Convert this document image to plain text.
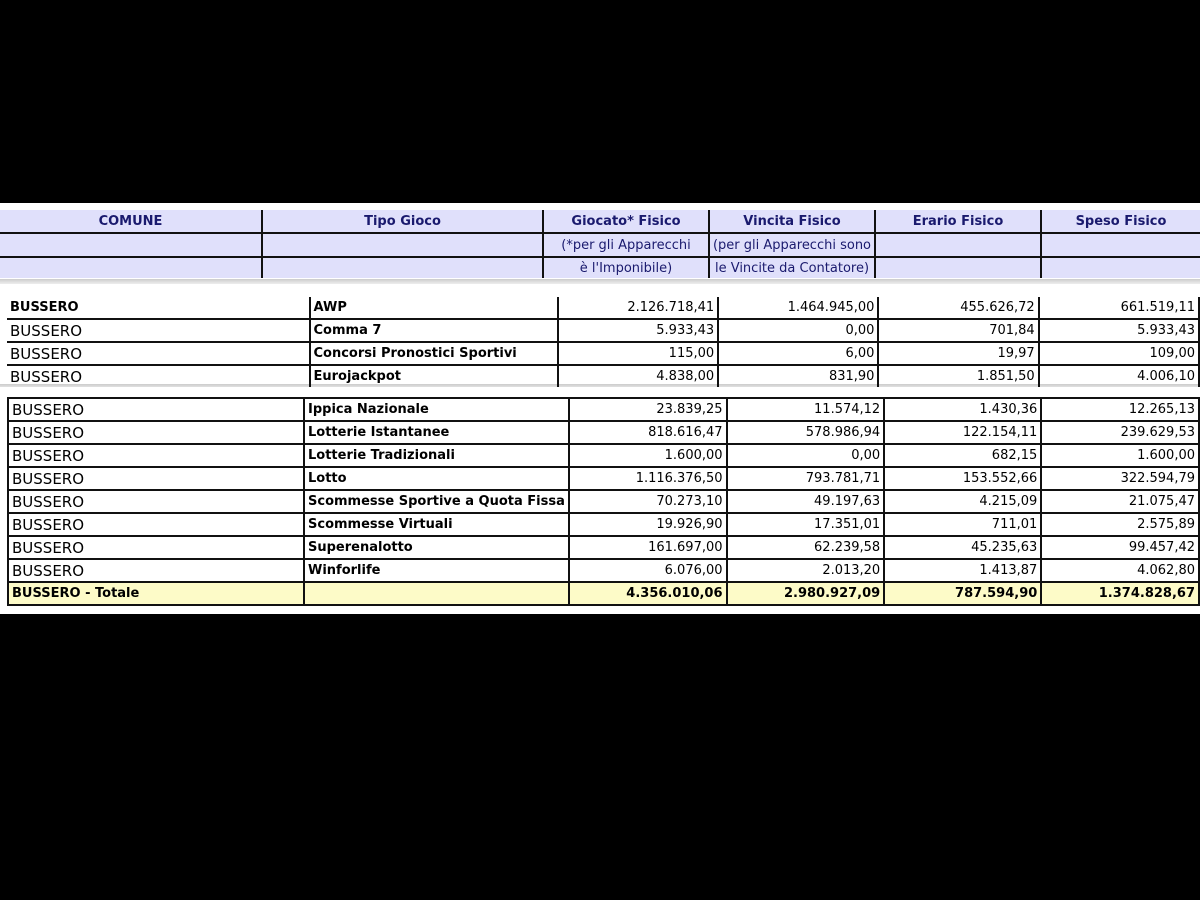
COMUNE	Tipo Gioco	Giocato* Fisico	Vincita Fisico	Erario Fisico	Speso Fisico
		(*per gli Apparecchi	(per gli Apparecchi sono		
		è l'Imponibile)	le Vincite da Contatore)		
BUSSERO	AWP	2.126.718,41	1.464.945,00	455.626,72	661.519,11
BUSSERO	Comma 7	5.933,43	0,00	701,84	5.933,43
BUSSERO	Concorsi Pronostici Sportivi	115,00	6,00	19,97	109,00
BUSSERO	Eurojackpot	4.838,00	831,90	1.851,50	4.006,10
BUSSERO	Ippica Nazionale	23.839,25	11.574,12	1.430,36	12.265,13
BUSSERO	Lotterie Istantanee	818.616,47	578.986,94	122.154,11	239.629,53
BUSSERO	Lotterie Tradizionali	1.600,00	0,00	682,15	1.600,00
BUSSERO	Lotto	1.116.376,50	793.781,71	153.552,66	322.594,79
BUSSERO	Scommesse Sportive a Quota Fissa	70.273,10	49.197,63	4.215,09	21.075,47
BUSSERO	Scommesse Virtuali	19.926,90	17.351,01	711,01	2.575,89
BUSSERO	Superenalotto	161.697,00	62.239,58	45.235,63	99.457,42
BUSSERO	Winforlife	6.076,00	2.013,20	1.413,87	4.062,80
BUSSERO - Totale		4.356.010,06	2.980.927,09	787.594,90	1.374.828,67
